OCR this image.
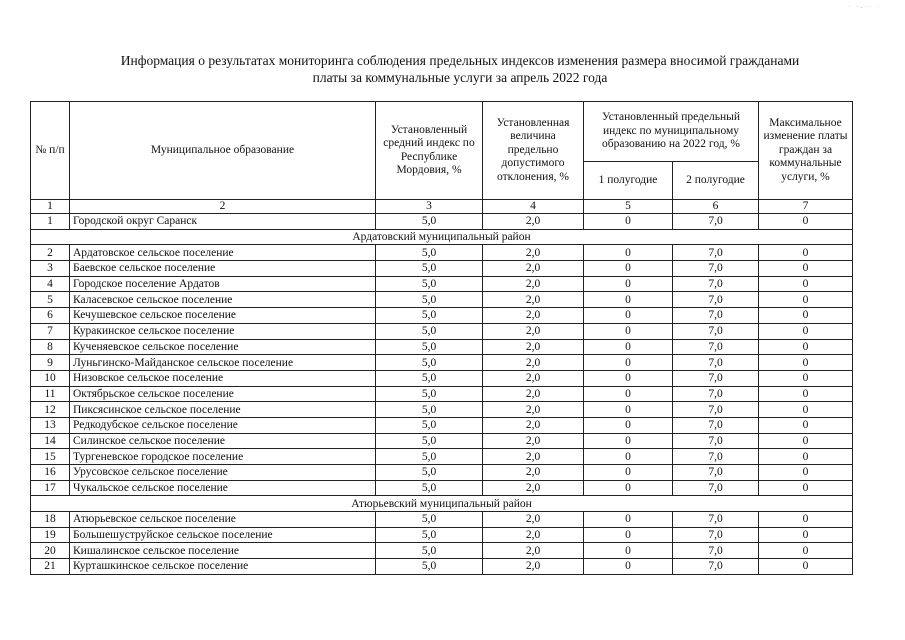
· ·-·· ·
Информация о результатах мониторинга соблюдения предельных индексов изменения размера вносимой гражданами
платы за коммунальные услуги за апрель 2022 года
№ п/п	Муниципальное образование	Установленный средний индекс по Республике Мордовия, %	Установленная величина предельно допустимого отклонения, %	Установленный предельный индекс по муниципальному образованию на 2022 год, %		Максимальное изменение платы граждан за коммунальные услуги, %
				1 полугодие	2 полугодие	
1	2	3	4	5	6	7
1	Городской округ Саранск	5,0	2,0	0	7,0	0
Ардатовский муниципальный район						
2	Ардатовское сельское поселение	5,0	2,0	0	7,0	0
3	Баевское сельское поселение	5,0	2,0	0	7,0	0
4	Городское поселение Ардатов	5,0	2,0	0	7,0	0
5	Каласевское сельское поселение	5,0	2,0	0	7,0	0
6	Кечушевское сельское поселение	5,0	2,0	0	7,0	0
7	Куракинское сельское поселение	5,0	2,0	0	7,0	0
8	Кученяевское сельское поселение	5,0	2,0	0	7,0	0
9	Луньгинско-Майданское сельское поселение	5,0	2,0	0	7,0	0
10	Низовское сельское поселение	5,0	2,0	0	7,0	0
11	Октябрьское сельское поселение	5,0	2,0	0	7,0	0
12	Пиксясинское сельское поселение	5,0	2,0	0	7,0	0
13	Редкодубское сельское поселение	5,0	2,0	0	7,0	0
14	Силинское сельское поселение	5,0	2,0	0	7,0	0
15	Тургеневское городское поселение	5,0	2,0	0	7,0	0
16	Урусовское сельское поселение	5,0	2,0	0	7,0	0
17	Чукальское сельское поселение	5,0	2,0	0	7,0	0
Атюрьевский муниципальный район						
18	Атюрьевское сельское поселение	5,0	2,0	0	7,0	0
19	Большешуструйское сельское поселение	5,0	2,0	0	7,0	0
20	Кишалинское сельское поселение	5,0	2,0	0	7,0	0
21	Курташкинское сельское поселение	5,0	2,0	0	7,0	0
